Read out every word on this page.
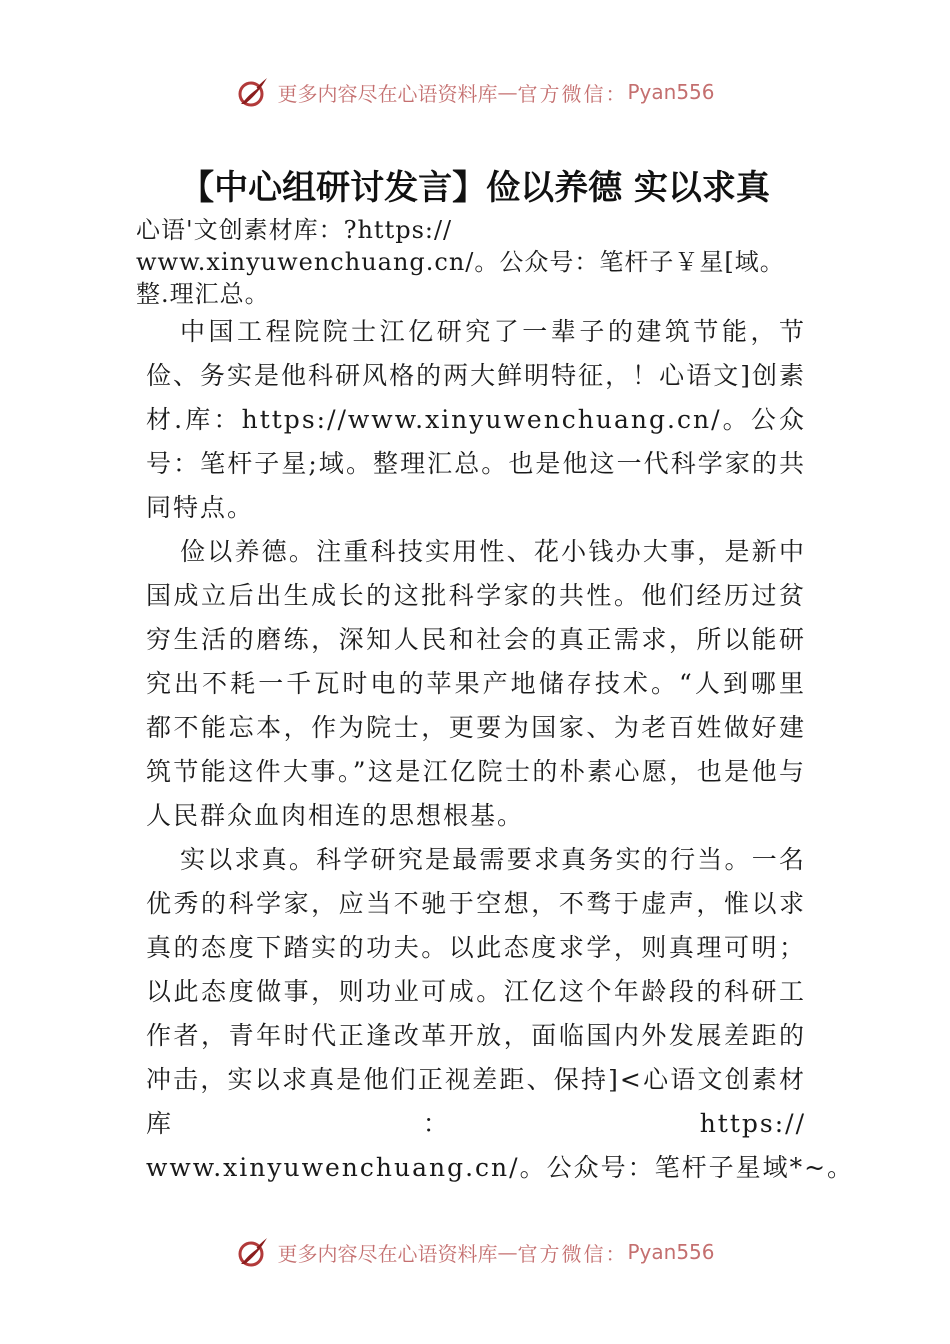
更多内容尽在心语资料库 — 官方微信： Pyan556
【中心组研讨发言】俭以养德 实以求真
心语'文创素材库：?https://
www.xinyuwenchuang.cn/。公众号：笔杆子￥星[域。
整.理汇总。

中国工程院院士江亿研究了一辈子的建筑节能，节俭、务实是他科研风格的两大鲜明特征，！心语文]创素材.库：https://www.xinyuwenchuang.cn/。公众号：笔杆子星;域。整理汇总。也是他这一代科学家的共同特点。

俭以养德。注重科技实用性、花小钱办大事，是新中国成立后出生成长的这批科学家的共性。他们经历过贫穷生活的磨练，深知人民和社会的真正需求，所以能研究出不耗一千瓦时电的苹果产地储存技术。“人到哪里都不能忘本，作为院士，更要为国家、为老百姓做好建筑节能这件大事。”这是江亿院士的朴素心愿，也是他与人民群众血肉相连的思想根基。

实以求真。科学研究是最需要求真务实的行当。一名优秀的科学家，应当不驰于空想，不骛于虚声，惟以求真的态度下踏实的功夫。以此态度求学，则真理可明；以此态度做事，则功业可成。江亿这个年龄段的科研工作者，青年时代正逢改革开放，面临国内外发展差距的冲击，实以求真是他们正视差距、保持]<心语文创素材库：https://

www.xinyuwenchuang.cn/。公众号：笔杆子星域*~。
更多内容尽在心语资料库 — 官方微信： Pyan556
